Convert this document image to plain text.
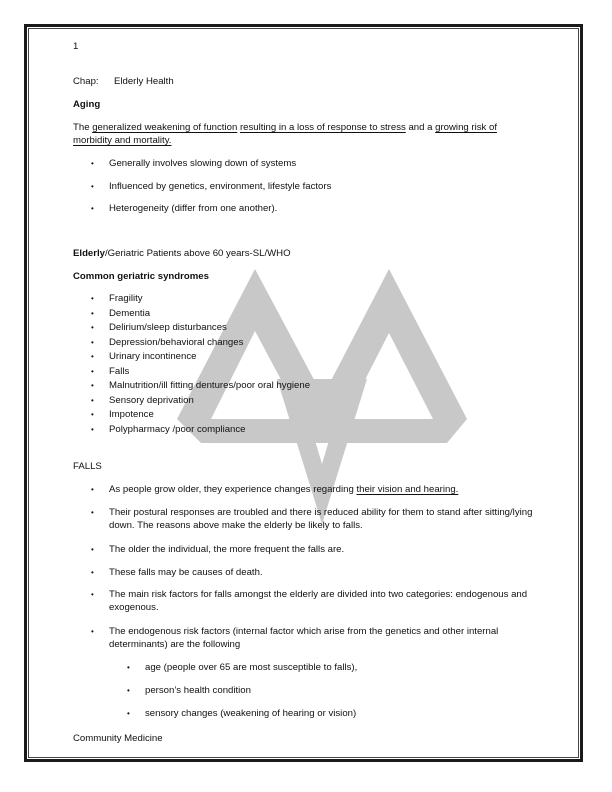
1
Chap: Elderly Health
Aging
The generalized weakening of function resulting in a loss of response to stress and a growing risk of
morbidity and mortality.
• Generally involves slowing down of systems
• Influenced by genetics, environment, lifestyle factors
• Heterogeneity (differ from one another).
Elderly/Geriatric Patients above 60 years-SL/WHO
Common geriatric syndromes
• Fragility
• Dementia
• Delirium/sleep disturbances
• Depression/behavioral changes
• Urinary incontinence
• Falls
• Malnutrition/ill fitting dentures/poor oral hygiene
• Sensory deprivation
• Impotence
• Polypharmacy /poor compliance
FALLS
• As people grow older, they experience changes regarding their vision and hearing.
• Their postural responses are troubled and there is reduced ability for them to stand after sitting/lying down. The reasons above make the elderly be likely to falls.
• The older the individual, the more frequent the falls are.
• These falls may be causes of death.
• The main risk factors for falls amongst the elderly are divided into two categories: endogenous and exogenous.
• The endogenous risk factors (internal factor which arise from the genetics and other internal determinants) are the following
• age (people over 65 are most susceptible to falls),
• person’s health condition
• sensory changes (weakening of hearing or vision)
Community Medicine
